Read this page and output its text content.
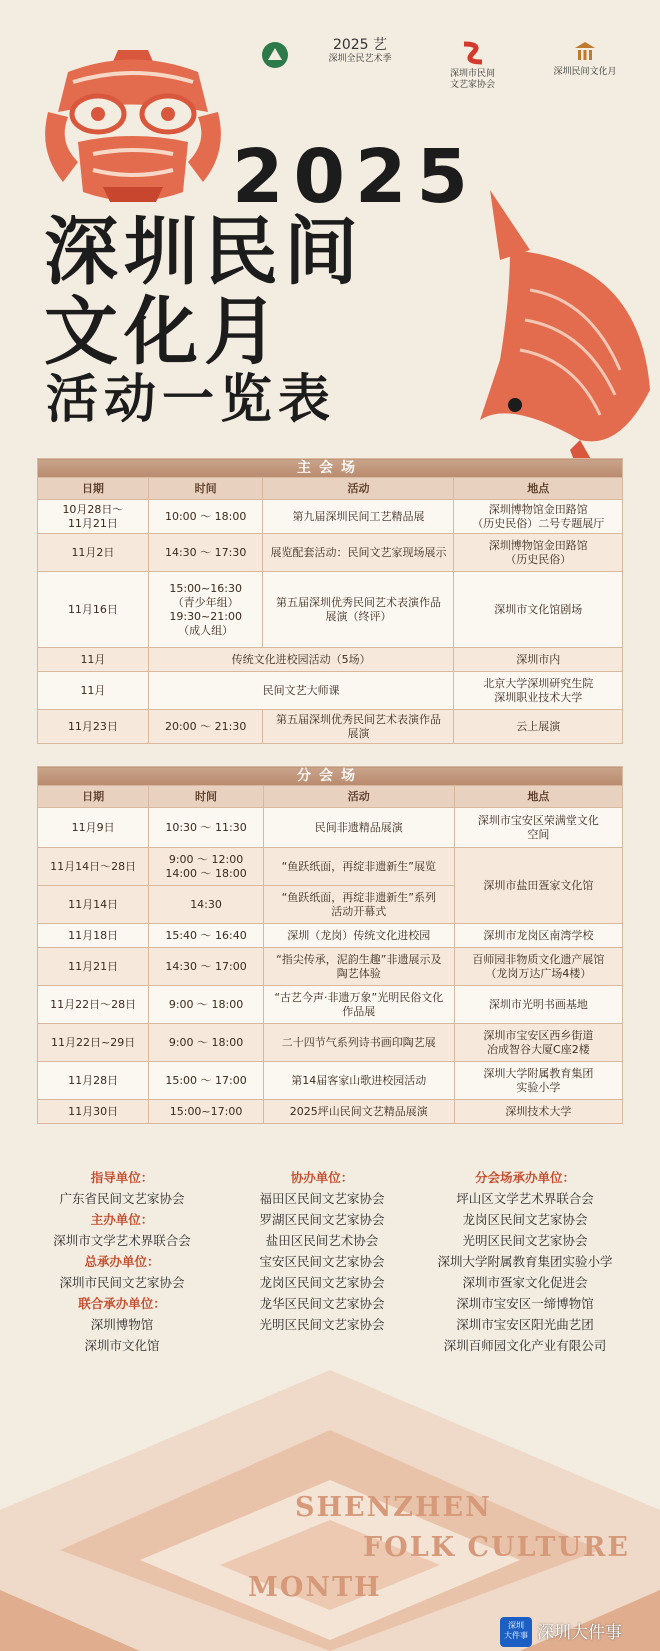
2025 艺
深圳全民艺术季
深圳市民间
文艺家协会
深圳民间文化月
2025
深圳民间
文化月
活动一览表
主会场			
日期	时间	活动	地点
10月28日～
11月21日	10:00 ～ 18:00	第九届深圳民间工艺精品展	深圳博物馆金田路馆
（历史民俗）二号专题展厅
11月2日	14:30 ～ 17:30	展览配套活动：民间文艺家现场展示	深圳博物馆金田路馆
（历史民俗）
11月16日	15:00~16:30
（青少年组）
19:30~21:00
（成人组）	第五届深圳优秀民间艺术表演作品
展演（终评）	深圳市文化馆剧场
11月	传统文化进校园活动（5场）		深圳市内
11月	民间文艺大师课		北京大学深圳研究生院
深圳职业技术大学
11月23日	20:00 ～ 21:30	第五届深圳优秀民间艺术表演作品
展演	云上展演
分会场			
日期	时间	活动	地点
11月9日	10:30 ～ 11:30	民间非遗精品展演	深圳市宝安区荣满堂文化
空间
11月14日～28日	9:00 ～ 12:00
14:00 ～ 18:00	“鱼跃纸面，再绽非遗新生”展览	深圳市盐田疍家文化馆
11月14日	14:30	“鱼跃纸面，再绽非遗新生”系列
活动开幕式	
11月18日	15:40 ～ 16:40	深圳（龙岗）传统文化进校园	深圳市龙岗区南湾学校
11月21日	14:30 ～ 17:00	“指尖传承，泥韵生趣”非遗展示及
陶艺体验	百师园非物质文化遗产展馆
（龙岗万达广场4楼）
11月22日～28日	9:00 ～ 18:00	“古艺今声·非遗万象”光明民俗文化
作品展	深圳市光明书画基地
11月22日~29日	9:00 ～ 18:00	二十四节气系列诗书画印陶艺展	深圳市宝安区西乡街道
冶成智谷大厦C座2楼
11月28日	15:00 ～ 17:00	第14届客家山歌进校园活动	深圳大学附属教育集团
实验小学
11月30日	15:00~17:00	2025坪山民间文艺精品展演	深圳技术大学
指导单位：
广东省民间文艺家协会
主办单位：
深圳市文学艺术界联合会
总承办单位：
深圳市民间文艺家协会
联合承办单位：
深圳博物馆
深圳市文化馆
协办单位：
福田区民间文艺家协会
罗湖区民间文艺家协会
盐田区民间艺术协会
宝安区民间文艺家协会
龙岗区民间文艺家协会
龙华区民间文艺家协会
光明区民间文艺家协会
分会场承办单位：
坪山区文学艺术界联合会
龙岗区民间文艺家协会
光明区民间文艺家协会
深圳大学附属教育集团实验小学
深圳市疍家文化促进会
深圳市宝安区一缔博物馆
深圳市宝安区阳光曲艺团
深圳百师园文化产业有限公司
SHENZHEN
FOLK CULTURE
MONTH
深圳
大件事 深圳大件事
